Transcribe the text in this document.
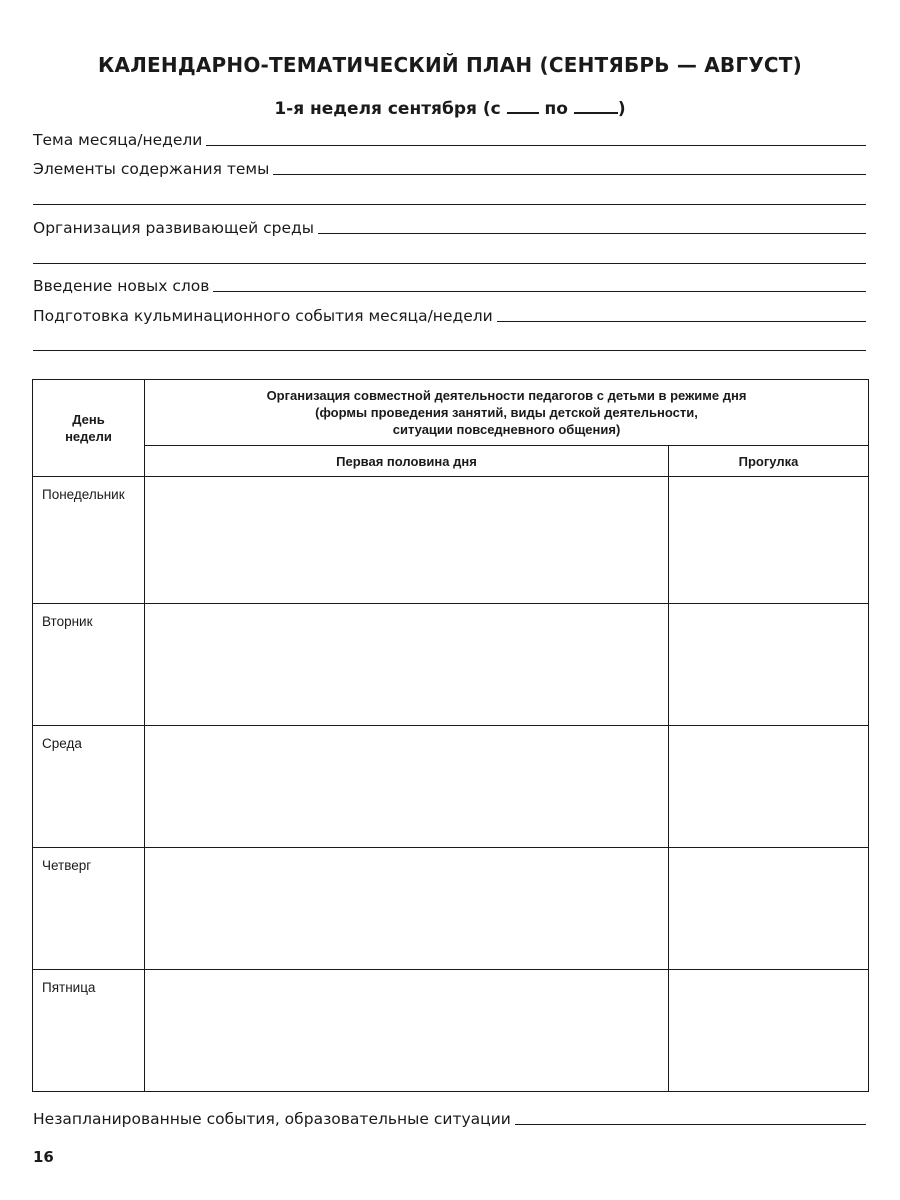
КАЛЕНДАРНО-ТЕМАТИЧЕСКИЙ ПЛАН (СЕНТЯБРЬ — АВГУСТ)
1-я неделя сентября (с	по	)
Тема месяца/недели
Элементы содержания темы
Организация развивающей среды
Введение новых слов
Подготовка кульминационного события месяца/недели
День
недели	Организация совместной деятельности педагогов с детьми в режиме дня
(формы проведения занятий, виды детской деятельности,
ситуации повседневного общения)	

	Первая половина дня	Прогулка
Понедельник		
Вторник		
Среда		
Четверг		
Пятница		
Незапланированные события, образовательные ситуации
16
